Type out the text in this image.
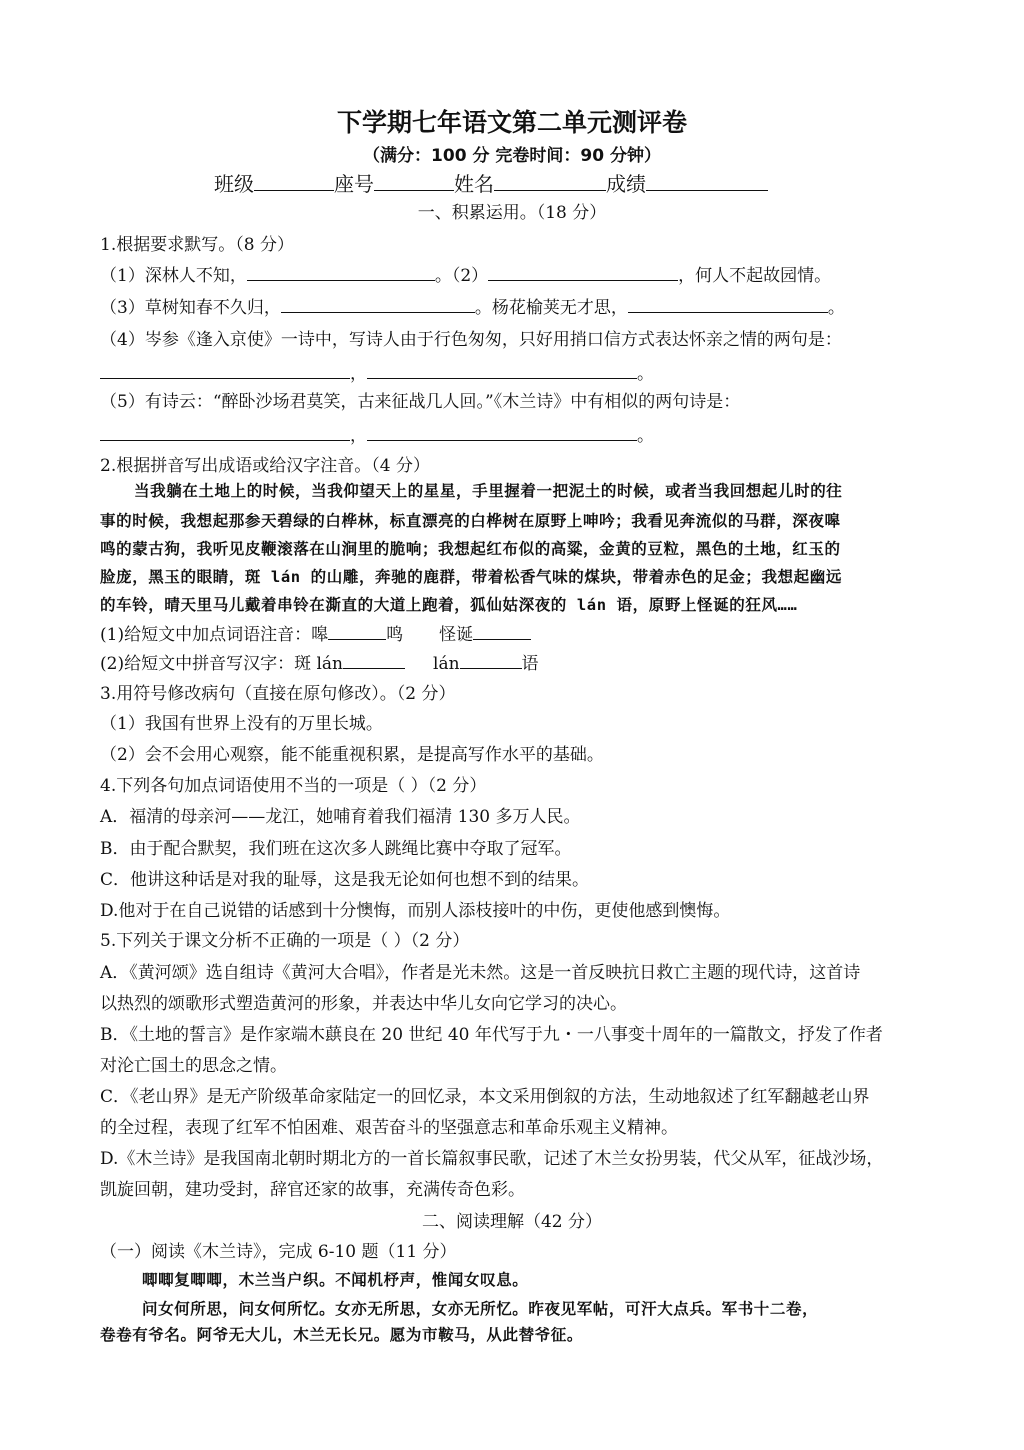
下学期七年语文第二单元测评卷
（满分：100 分 完卷时间：90 分钟）
班级	座号	姓名	成绩
一、积累运用。（18 分）
1.根据要求默写。（8 分）
（1）深林人不知，	。（2）	，何人不起故园情。
（3）草树知春不久归，	。杨花榆荚无才思，	。
（4）岑参《逢入京使》一诗中，写诗人由于行色匆匆，只好用捎口信方式表达怀亲之情的两句是：
，	。
（5）有诗云：“醉卧沙场君莫笑，古来征战几人回。”《木兰诗》中有相似的两句诗是：
，	。
2.根据拼音写出成语或给汉字注音。（4 分）
当我躺在土地上的时候，当我仰望天上的星星，手里握着一把泥土的时候，或者当我回想起儿时的往
事的时候，我想起那参天碧绿的白桦林，标直漂亮的白桦树在原野上呻吟；我看见奔流似的马群，深夜嗥
鸣的蒙古狗，我听见皮鞭滚落在山涧里的脆响；我想起红布似的高粱，金黄的豆粒，黑色的土地，红玉的
脸庞，黑玉的眼睛，斑 lán 的山雕，奔驰的鹿群，带着松香气味的煤块，带着赤色的足金；我想起幽远
的车铃，晴天里马儿戴着串铃在澌直的大道上跑着，狐仙姑深夜的 lán 语，原野上怪诞的狂风……
(1)给短文中加点词语注音：嗥	鸣 怪诞
(2)给短文中拼音写汉字：斑 lán	lán	语
3.用符号修改病句（直接在原句修改）。（2 分）
（1）我国有世界上没有的万里长城。
（2）会不会用心观察，能不能重视积累，是提高写作水平的基础。
4.下列各句加点词语使用不当的一项是（ ）（2 分）
A．福清的母亲河——龙江，她哺育着我们福清 130 多万人民。
B．由于配合默契，我们班在这次多人跳绳比赛中夺取了冠军。
C．他讲这种话是对我的耻辱，这是我无论如何也想不到的结果。
D.他对于在自己说错的话感到十分懊悔，而别人添枝接叶的中伤，更使他感到懊悔。
5.下列关于课文分析不正确的一项是（ ）（2 分）
A．《黄河颂》选自组诗《黄河大合唱》，作者是光未然。这是一首反映抗日救亡主题的现代诗，这首诗
以热烈的颂歌形式塑造黄河的形象，并表达中华儿女向它学习的决心。
B．《土地的誓言》是作家端木蕻良在 20 世纪 40 年代写于九・一八事变十周年的一篇散文，抒发了作者
对沦亡国土的思念之情。
C．《老山界》是无产阶级革命家陆定一的回忆录，本文采用倒叙的方法，生动地叙述了红军翻越老山界
的全过程，表现了红军不怕困难、艰苦奋斗的坚强意志和革命乐观主义精神。
D.《木兰诗》是我国南北朝时期北方的一首长篇叙事民歌，记述了木兰女扮男装，代父从军，征战沙场，
凯旋回朝，建功受封，辞官还家的故事，充满传奇色彩。
二、阅读理解（42 分）
（一）阅读《木兰诗》，完成 6-10 题（11 分）
唧唧复唧唧，木兰当户织。不闻机杼声，惟闻女叹息。
问女何所思，问女何所忆。女亦无所思，女亦无所忆。昨夜见军帖，可汗大点兵。军书十二卷，
卷卷有爷名。阿爷无大儿，木兰无长兄。愿为市鞍马，从此替爷征。
